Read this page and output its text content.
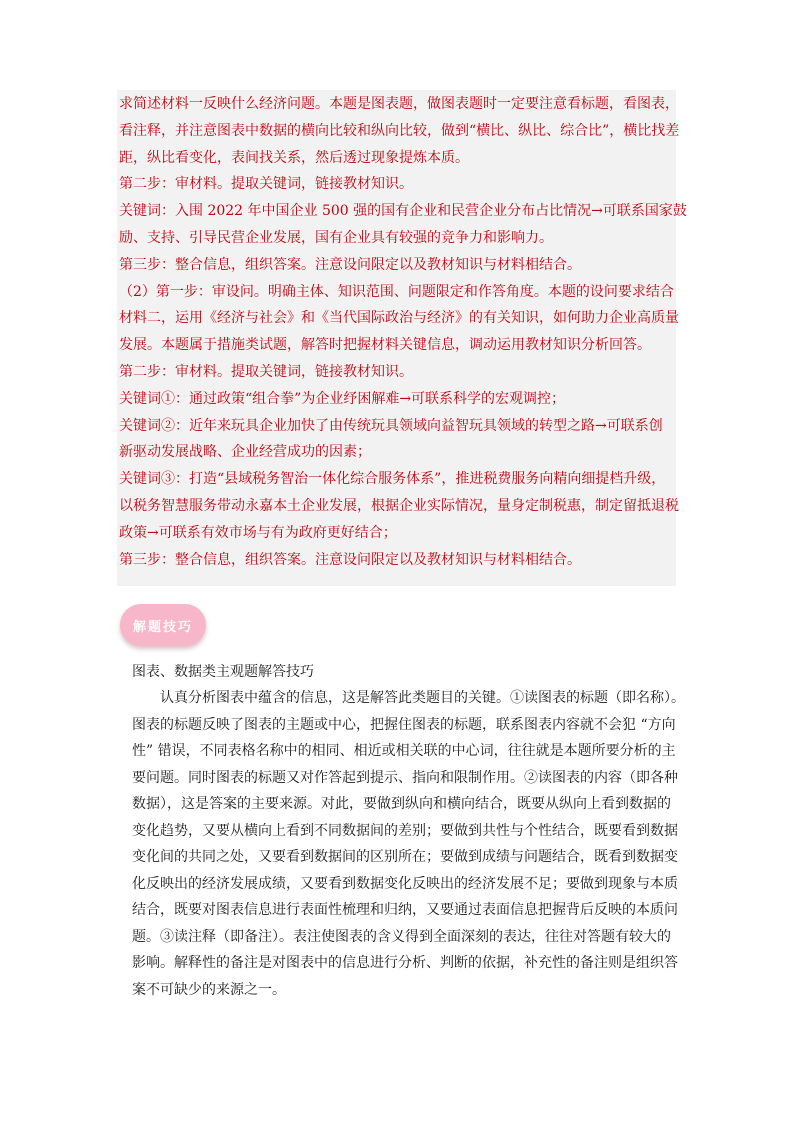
求简述材料一反映什么经济问题。本题是图表题，做图表题时一定要注意看标题，看图表，
看注释，并注意图表中数据的横向比较和纵向比较，做到“横比、纵比、综合比”，横比找差
距，纵比看变化，表间找关系，然后透过现象提炼本质。
第二步：审材料。提取关键词，链接教材知识。
关键词：入围 2022 年中国企业 500 强的国有企业和民营企业分布占比情况→可联系国家鼓
励、支持、引导民营企业发展，国有企业具有较强的竞争力和影响力。
第三步：整合信息，组织答案。注意设问限定以及教材知识与材料相结合。
（2）第一步：审设问。明确主体、知识范围、问题限定和作答角度。本题的设问要求结合
材料二，运用《经济与社会》和《当代国际政治与经济》的有关知识，如何助力企业高质量
发展。本题属于措施类试题，解答时把握材料关键信息，调动运用教材知识分析回答。
第二步：审材料。提取关键词，链接教材知识。
关键词①：通过政策“组合拳”为企业纾困解难→可联系科学的宏观调控；
关键词②：近年来玩具企业加快了由传统玩具领域向益智玩具领域的转型之路→可联系创
新驱动发展战略、企业经营成功的因素；
关键词③：打造“县域税务智治一体化综合服务体系”，推进税费服务向精向细提档升级，
以税务智慧服务带动永嘉本土企业发展，根据企业实际情况，量身定制税惠，制定留抵退税
政策→可联系有效市场与有为政府更好结合；
第三步：整合信息，组织答案。注意设问限定以及教材知识与材料相结合。
解题技巧
图表、数据类主观题解答技巧
认真分析图表中蕴含的信息，这是解答此类题目的关键。①读图表的标题（即名称）。
图表的标题反映了图表的主题或中心，把握住图表的标题，联系图表内容就不会犯 “方向
性” 错误，不同表格名称中的相同、相近或相关联的中心词，往往就是本题所要分析的主
要问题。同时图表的标题又对作答起到提示、指向和限制作用。②读图表的内容（即各种
数据），这是答案的主要来源。对此，要做到纵向和横向结合，既要从纵向上看到数据的
变化趋势，又要从横向上看到不同数据间的差别；要做到共性与个性结合，既要看到数据
变化间的共同之处，又要看到数据间的区别所在；要做到成绩与问题结合，既看到数据变
化反映出的经济发展成绩，又要看到数据变化反映出的经济发展不足；要做到现象与本质
结合，既要对图表信息进行表面性梳理和归纳，又要通过表面信息把握背后反映的本质问
题。③读注释（即备注）。表注使图表的含义得到全面深刻的表达，往往对答题有较大的
影响。解释性的备注是对图表中的信息进行分析、判断的依据，补充性的备注则是组织答
案不可缺少的来源之一。
